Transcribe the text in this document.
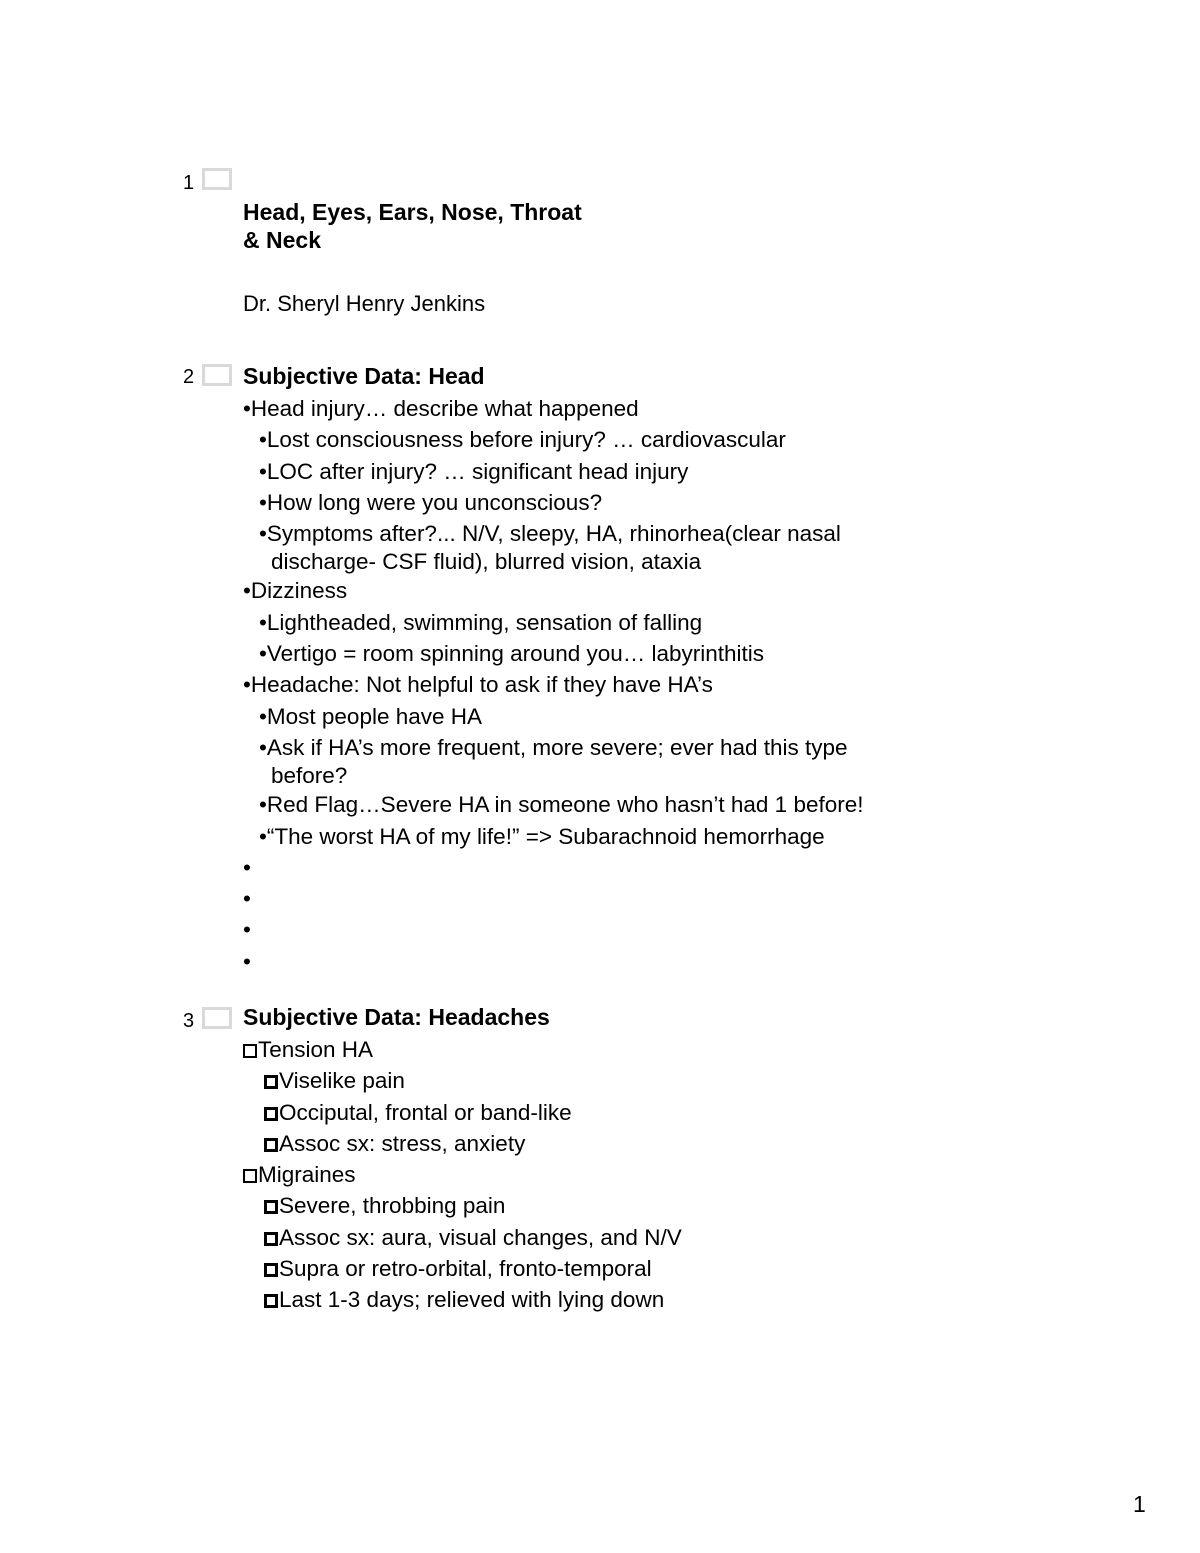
1
Head, Eyes, Ears, Nose, Throat
& Neck
Dr. Sheryl Henry Jenkins
2 Subjective Data: Head
•Head injury… describe what happened
•Lost consciousness before injury? … cardiovascular
•LOC after injury? … significant head injury
•How long were you unconscious?
•Symptoms after?... N/V, sleepy, HA, rhinorhea(clear nasal
discharge- CSF fluid), blurred vision, ataxia
•Dizziness
•Lightheaded, swimming, sensation of falling
•Vertigo = room spinning around you… labyrinthitis
•Headache: Not helpful to ask if they have HA’s
•Most people have HA
•Ask if HA’s more frequent, more severe; ever had this type
before?
•Red Flag…Severe HA in someone who hasn’t had 1 before!
•“The worst HA of my life!” => Subarachnoid hemorrhage
•
•
•
•
3 Subjective Data: Headaches
Tension HA
Viselike pain
Occiputal, frontal or band-like
Assoc sx: stress, anxiety
Migraines
Severe, throbbing pain
Assoc sx: aura, visual changes, and N/V
Supra or retro-orbital, fronto-temporal
Last 1-3 days; relieved with lying down
1
